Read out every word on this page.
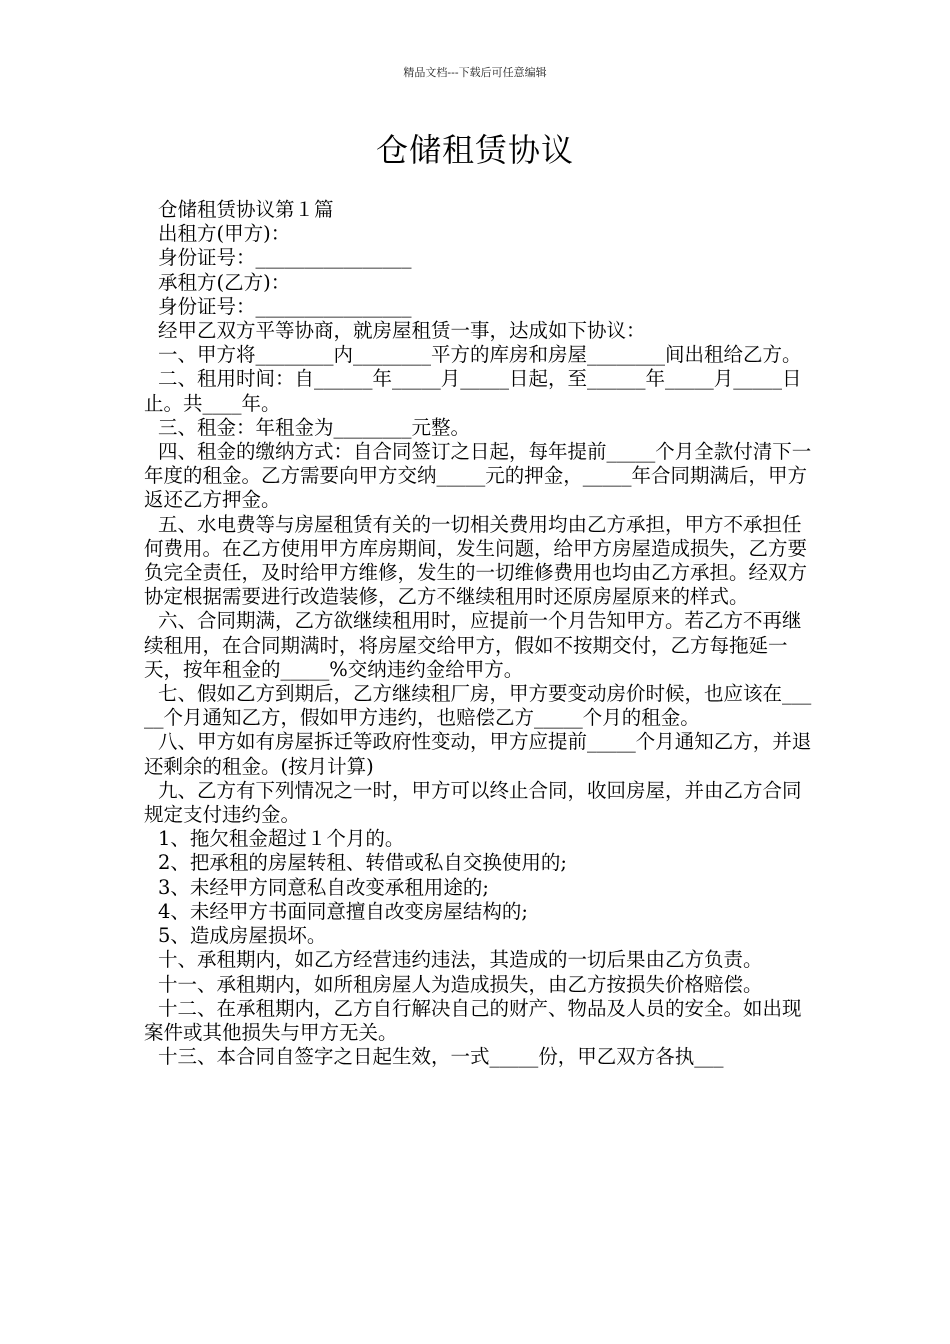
精品文档---下载后可任意编辑
仓储租赁协议

仓储租赁协议第１篇

出租方(甲方)：

身份证号：________________

承租方(乙方)：

身份证号：________________

经甲乙双方平等协商，就房屋租赁一事，达成如下协议：

一、甲方将________内________平方的库房和房屋________间出租给乙方。

二、租用时间：自______年_____月_____日起，至______年_____月_____日止。共____年。

三、租金：年租金为________元整。

四、租金的缴纳方式：自合同签订之日起，每年提前_____个月全款付清下一年度的租金。乙方需要向甲方交纳_____元的押金，_____年合同期满后，甲方返还乙方押金。

五、水电费等与房屋租赁有关的一切相关费用均由乙方承担，甲方不承担任何费用。在乙方使用甲方库房期间，发生问题，给甲方房屋造成损失，乙方要负完全责任，及时给甲方维修，发生的一切维修费用也均由乙方承担。经双方协定根据需要进行改造装修，乙方不继续租用时还原房屋原来的样式。

六、合同期满，乙方欲继续租用时，应提前一个月告知甲方。若乙方不再继续租用，在合同期满时，将房屋交给甲方，假如不按期交付，乙方每拖延一天，按年租金的_____%交纳违约金给甲方。

七、假如乙方到期后，乙方继续租厂房，甲方要变动房价时候，也应该在_____个月通知乙方，假如甲方违约，也赔偿乙方_____个月的租金。

八、甲方如有房屋拆迁等政府性变动，甲方应提前_____个月通知乙方，并退还剩余的租金。(按月计算)

九、乙方有下列情况之一时，甲方可以终止合同，收回房屋，并由乙方合同规定支付违约金。

1、拖欠租金超过１个月的。

2、把承租的房屋转租、转借或私自交换使用的;

3、未经甲方同意私自改变承租用途的;

4、未经甲方书面同意擅自改变房屋结构的;

5、造成房屋损坏。

十、承租期内，如乙方经营违约违法，其造成的一切后果由乙方负责。

十一、承租期内，如所租房屋人为造成损失，由乙方按损失价格赔偿。

十二、在承租期内，乙方自行解决自己的财产、物品及人员的安全。如出现案件或其他损失与甲方无关。

十三、本合同自签字之日起生效，一式_____份，甲乙双方各执___
